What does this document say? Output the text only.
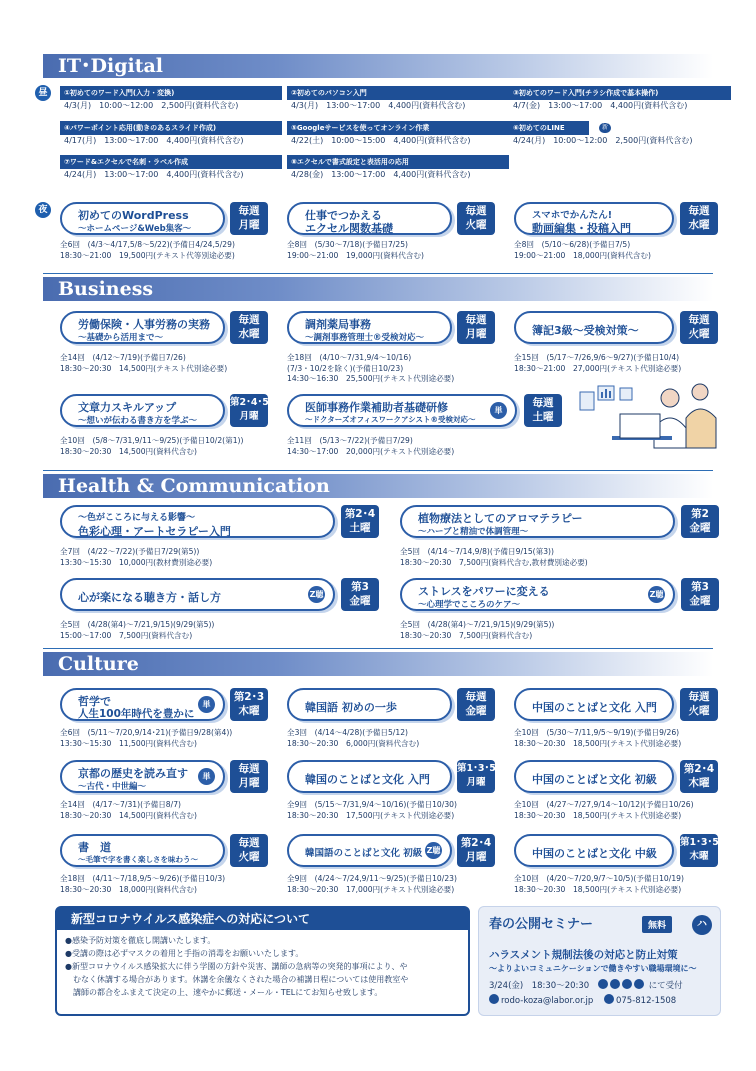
IT･Digital
昼	①初めてのワード入門(入力・変換)
4/3(月)　10:00～12:00　2,500円(資料代含む)
②初めてのパソコン入門
4/3(月)　13:00～17:00　4,400円(資料代含む)
③初めてのワード入門(チラシ作成で基本操作)
4/7(金)　13:00～17:00　4,400円(資料代含む)
④パワーポイント応用(動きのあるスライド作成)
4/17(月)　13:00～17:00　4,400円(資料代含む)
⑤Googleサービスを使ってオンライン作業
4/22(土)　10:00～15:00　4,400円(資料代含む)
⑥初めてのLINE	新
4/24(月)　10:00～12:00　2,500円(資料代含む)
⑦ワード&エクセルで名刺・ラベル作成
4/24(月)　13:00～17:00　4,400円(資料代含む)
⑧エクセルで書式設定と表活用の応用
4/28(金)　13:00～17:00　4,400円(資料代含む)
夜	初めてのWordPress
～ホームページ&Web集客～
毎週
月曜
全6回　(4/3～4/17,5/8～5/22)(予備日4/24,5/29)
18:30～21:00　19,500円(テキスト代等別途必要)
仕事でつかえる
エクセル関数基礎
毎週
火曜
全8回　(5/30～7/18)(予備日7/25)
19:00～21:00　19,000円(資料代含む)
スマホでかんたん!
動画編集・投稿入門
毎週
水曜
全8回　(5/10～6/28)(予備日7/5)
19:00～21:00　18,000円(資料代含む)
Business
労働保険・人事労務の実務
～基礎から活用まで～
毎週
水曜
全14回　(4/12～7/19)(予備日7/26)
18:30～20:30　14,500円(テキスト代別途必要)
調剤薬局事務
～調剤事務管理士®受検対応～
毎週
月曜
全18回　(4/10～7/31,9/4～10/16)
(7/3・10/2を除く)(予備日10/23)
14:30～16:30　25,500円(テキスト代別途必要)
簿記3級～受検対策～
毎週
火曜
全15回　(5/17～7/26,9/6～9/27)(予備日10/4)
18:30～21:00　27,000円(テキスト代別途必要)
文章力スキルアップ
～想いが伝わる書き方を学ぶ～
第2･4･5
月曜
全10回　(5/8～7/31,9/11～9/25)(予備日10/2(第1))
18:30～20:30　14,500円(資料代含む)
医師事務作業補助者基礎研修
～ドクターズオフィスワークアシスト®受検対応～
単
毎週
土曜
全11回　(5/13～7/22)(予備日7/29)
14:30～17:00　20,000円(テキスト代別途必要)
Health & Communication
～色がこころに与える影響～
色彩心理・アートセラピー入門
第2･4
土曜
全7回　(4/22～7/22)(予備日7/29(第5))
13:30～15:30　10,000円(教材費別途必要)
植物療法としてのアロマテラピー
～ハーブと精油で体調管理～
第2
金曜
全5回　(4/14～7/14,9/8)(予備日9/15(第3))
18:30～20:30　7,500円(資料代含む,教材費別途必要)
心が楽になる聴き方・話し方	Z聴
第3
金曜
全5回　(4/28(第4)～7/21,9/15)(9/29(第5))
15:00～17:00　7,500円(資料代含む)
ストレスをパワーに変える
～心理学でこころのケア～
Z聴
第3
金曜
全5回　(4/28(第4)～7/21,9/15)(9/29(第5))
18:30～20:30　7,500円(資料代含む)
Culture
哲学で
人生100年時代を豊かに
単
第2･3
木曜
全6回　(5/11～7/20,9/14･21)(予備日9/28(第4))
13:30～15:30　11,500円(資料代含む)
韓国語 初めの一歩
毎週
金曜
全3回　(4/14～4/28)(予備日5/12)
18:30～20:30　6,000円(資料代含む)
中国のことばと文化 入門
毎週
火曜
全10回　(5/30～7/11,9/5～9/19)(予備日9/26)
18:30～20:30　18,500円(テキスト代別途必要)
京都の歴史を読み直す
～古代・中世編～
単
毎週
月曜
全14回　(4/17～7/31)(予備日8/7)
18:30～20:30　14,500円(資料代含む)
韓国のことばと文化 入門
第1･3･5
月曜
全9回　(5/15～7/31,9/4～10/16)(予備日10/30)
18:30～20:30　17,500円(テキスト代別途必要)
中国のことばと文化 初級
第2･4
木曜
全10回　(4/27～7/27,9/14～10/12)(予備日10/26)
18:30～20:30　18,500円(テキスト代別途必要)
書　道
～毛筆で字を書く楽しさを味わう～
毎週
火曜
全18回　(4/11～7/18,9/5～9/26)(予備日10/3)
18:30～20:30　18,000円(資料代含む)
韓国語のことばと文化 初級 Z聴
第2･4
月曜
全9回　(4/24～7/24,9/11～9/25)(予備日10/23)
18:30～20:30　17,000円(テキスト代別途必要)
中国のことばと文化 中級
第1･3･5
木曜
全10回　(4/20～7/20,9/7～10/5)(予備日10/19)
18:30～20:30　18,500円(テキスト代別途必要)
新型コロナウイルス感染症への対応について
●感染予防対策を徹底し開講いたします。
●受講の際は必ずマスクの着用と手指の消毒をお願いいたします。
●新型コロナウイルス感染拡大に伴う学園の方針や災害、講師の急病等の突発的事項により、や
　むなく休講する場合があります。休講を余儀なくされた場合の補講日程については使用教室や
　講師の都合をふまえて決定の上、速やかに郵送・メール・TELにてお知らせ致します。
春の公開セミナー	無料	ハ
ハラスメント規制法後の対応と防止対策
～よりよいコミュニケーションで働きやすい職場環境に～
3/24(金)　18:30～20:30	にて受付
rodo-koza@labor.or.jp	075-812-1508
